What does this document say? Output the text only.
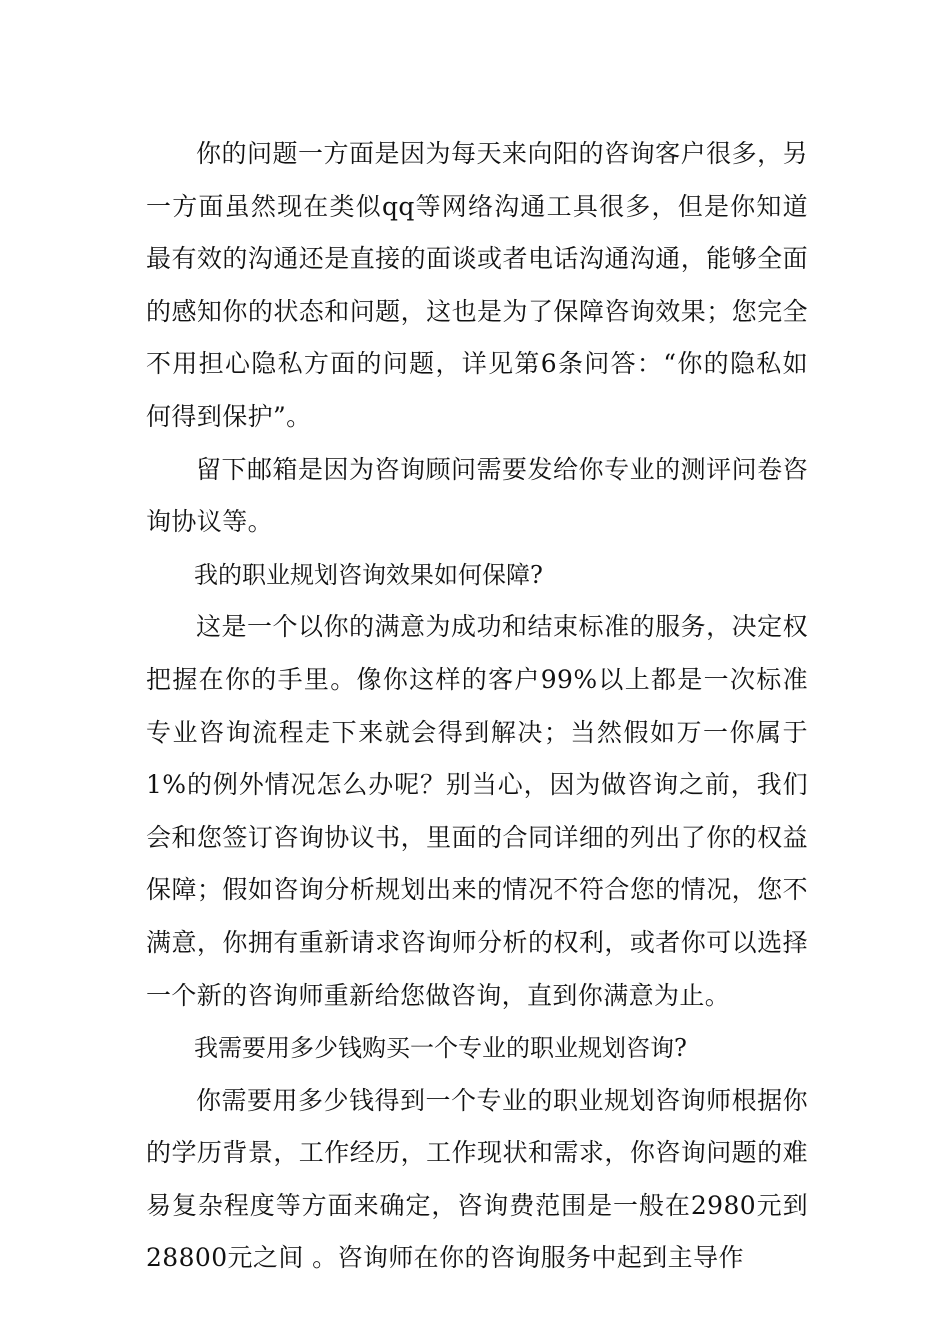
你的问题一方面是因为每天来向阳的咨询客户很多，另一方面虽然现在类似qq等网络沟通工具很多，但是你知道最有效的沟通还是直接的面谈或者电话沟通沟通，能够全面的感知你的状态和问题，这也是为了保障咨询效果；您完全不用担心隐私方面的问题，详见第6条问答：“你的隐私如何得到保护”。

留下邮箱是因为咨询顾问需要发给你专业的测评问卷咨询协议等。

我的职业规划咨询效果如何保障?

这是一个以你的满意为成功和结束标准的服务，决定权把握在你的手里。像你这样的客户99%以上都是一次标准专业咨询流程走下来就会得到解决；当然假如万一你属于1%的例外情况怎么办呢？别当心，因为做咨询之前，我们会和您签订咨询协议书，里面的合同详细的列出了你的权益保障；假如咨询分析规划出来的情况不符合您的情况，您不满意，你拥有重新请求咨询师分析的权利，或者你可以选择一个新的咨询师重新给您做咨询，直到你满意为止。

我需要用多少钱购买一个专业的职业规划咨询?

你需要用多少钱得到一个专业的职业规划咨询师根据你的学历背景，工作经历，工作现状和需求，你咨询问题的难易复杂程度等方面来确定，咨询费范围是一般在2980元到28800元之间 。咨询师在你的咨询服务中起到主导作
